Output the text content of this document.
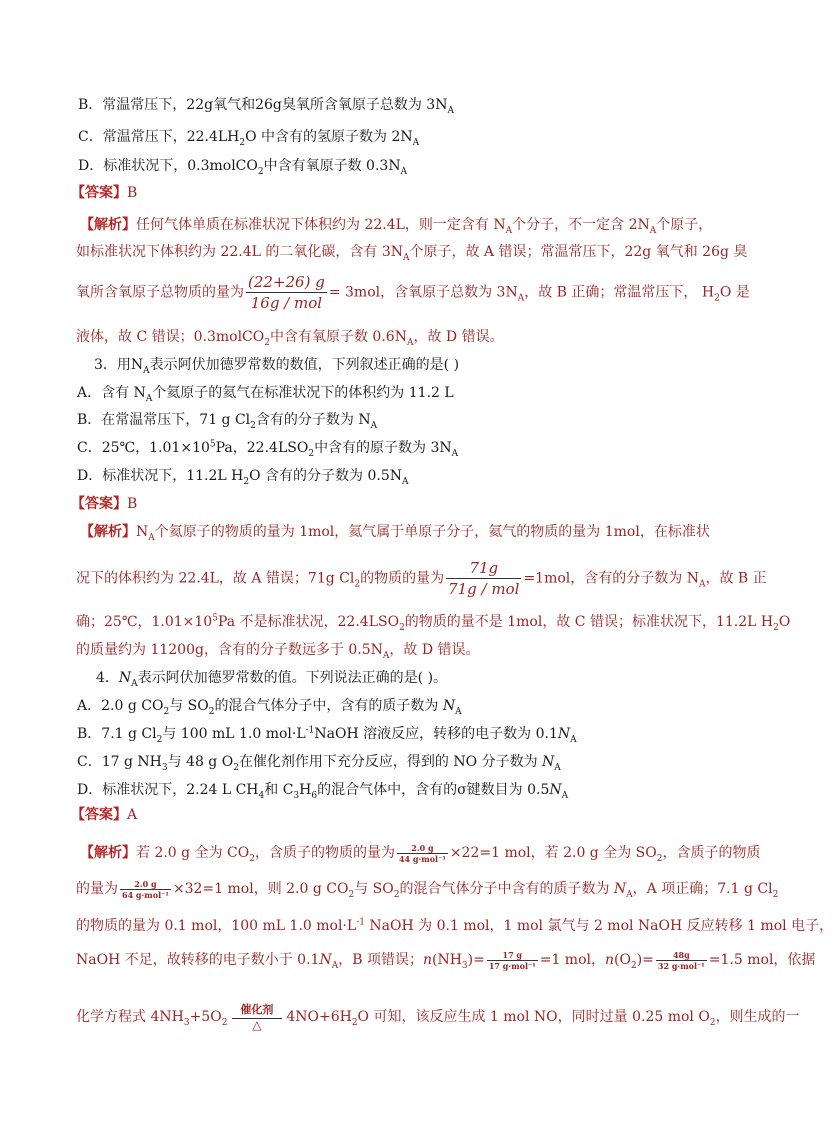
B．常温常压下，22g氧气和26g臭氧所含氧原子总数为 $3N_A$
C．常温常压下，$22.4LH_2O$ 中含有的氢原子数为 $2N_A$
D．标准状况下，0.3molCO$_2$中含有氧原子数 $0.3N_A$
【答案】B
【解析】任何气体单质在标准状况下体积约为 22.4L，则一定含有 $N_A$个分子，不一定含 $2N_A$个原子，
如标准状况下体积约为 22.4L 的二氧化碳，含有 $3N_A$个原子，故 A 错误；常温常压下，22g 氧气和 26g 臭
氧所含氧原子总物质的量为 $\frac{(22+26) g}{\text{16g / mol}} = 3mol$，含氧原子总数为 $3N_A$，故 B 正确；常温常压下， $H_2O$ 是
液体，故 C 错误；0.3molCO$_2$中含有氧原子数 $0.6N_A$，故 D 错误。
3．用$N_A$表示阿伏加德罗常数的数值，下列叙述正确的是( )
A．含有 $N_A$个氦原子的氦气在标准状况下的体积约为 11.2 L
B．在常温常压下，71 g $Cl_2$含有的分子数为 $N_A$
C．25℃，$1.01\times 10^5Pa$，$22.4LSO_2$中含有的原子数为 $3N_A$
D．标准状况下，11.2L $H_2O$ 含有的分子数为 $0.5N_A$
【答案】B
【解析】$N_A$个氦原子的物质的量为 1mol，氦气属于单原子分子，氦气的物质的量为 1mol，在标准状
况下的体积约为 22.4L，故 A 错误；71g $Cl_2$的物质的量为 $\frac{71g}{\text{71g / mol}} =1mol$，含有的分子数为 $N_A$，故 B 正
确；25℃，$1.01\times 10^5Pa$ 不是标准状况，$22.4LSO_2$的物质的量不是 1mol，故 C 错误；标准状况下，11.2L $H_2O$
的质量约为 11200g，含有的分子数远多于 $0.5N_A$，故 D 错误。
4．$N_A$表示阿伏加德罗常数的值。下列说法正确的是( )。
A．2.0 g $CO_2$与 $SO_2$的混合气体分子中，含有的质子数为 $N_A$
B．7.1 g $Cl_2$与 100 mL 1.0 $mol\cdot L^{-1}NaOH$ 溶液反应，转移的电子数为 $0.1N_A$
C．17 g $NH_3$与 48 g $O_2$在催化剂作用下充分反应，得到的 NO 分子数为 $N_A$
D．标准状况下，2.24 L $CH_4$和 $C_3H_6$的混合气体中，含有的σ键数目为 $0.5N_A$
【答案】A
【解析】若 2.0 g 全为 $CO_2$，含质子的物质的量为 $\frac{2.0 g}{\text{44 g·mol⁻¹}} \times 22=1$ mol，若 2.0 g 全为 $SO_2$，含质子的物质
的量为 $\frac{2.0 g}{\text{64 g·mol⁻¹}} \times 32=1$ mol，则 2.0 g $CO_2$与 $SO_2$的混合气体分子中含有的质子数为 $N_A$，A 项正确；7.1 g $Cl_2$
的物质的量为 0.1 mol，100 mL 1.0 $mol\cdot L^{-1}$ NaOH 为 0.1 mol，1 mol 氯气与 2 mol NaOH 反应转移 1 mol 电子，
NaOH 不足，故转移的电子数小于 $0.1N_A$，B 项错误；$n(NH_3)= \frac{17 g}{\text{17 g·mol⁻¹}} =1$ mol，$n(O_2)= \frac{48g}{\text{32 g·mol⁻¹}} =1.5$ mol，依据
化学方程式 $4NH_3+5O_2$
催化剂
△	$4NO+6H_2O$ 可知，该反应生成 1 mol NO，同时过量 0.25 mol $O_2$，则生成的一
